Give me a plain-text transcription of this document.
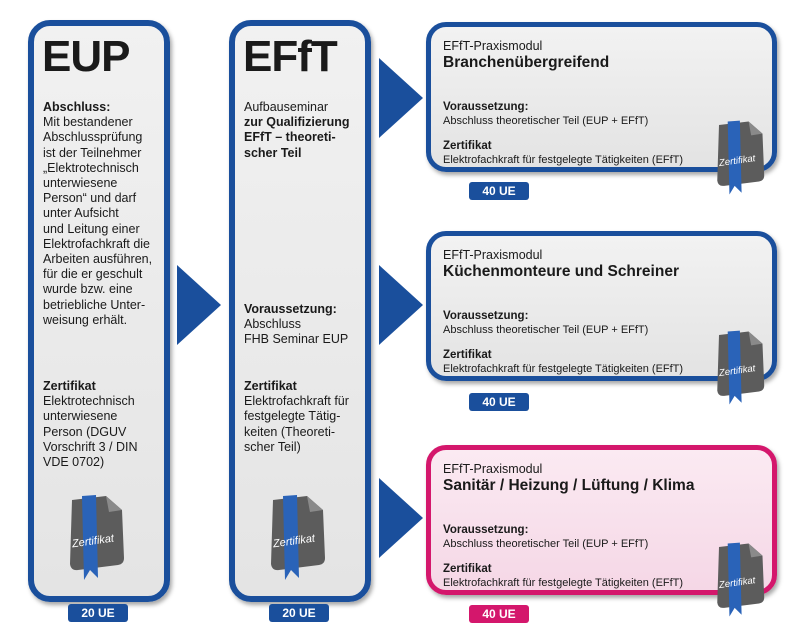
EUP
Abschluss:
Mit bestandener
Abschlussprüfung
ist der Teilnehmer
„Elektrotechnisch
unterwiesene
Person“ und darf
unter Aufsicht
und Leitung einer
Elektrofachkraft die
Arbeiten ausführen,
für die er geschult
wurde bzw. eine
betriebliche Unter-
weisung erhält.
Zertifikat
Elektrotechnisch
unterwiesene
Person (DGUV
Vorschrift 3 / DIN
VDE 0702)
Zertifikat
20 UE
EFfT
Aufbauseminar
zur Qualifizierung
EFfT – theoreti-
scher Teil
Voraussetzung:
Abschluss
FHB Seminar EUP
Zertifikat
Elektrofachkraft für
festgelegte Tätig-
keiten (Theoreti-
scher Teil)
Zertifikat
20 UE
EFfT-Praxismodul
Branchenübergreifend
Voraussetzung:
Abschluss theoretischer Teil (EUP + EFfT)
Zertifikat
Elektrofachkraft für festgelegte Tätigkeiten (EFfT)	Zertifikat
40 UE
EFfT-Praxismodul
Küchenmonteure und Schreiner
Voraussetzung:
Abschluss theoretischer Teil (EUP + EFfT)
Zertifikat
Elektrofachkraft für festgelegte Tätigkeiten (EFfT)	Zertifikat
40 UE
EFfT-Praxismodul
Sanitär / Heizung / Lüftung / Klima
Voraussetzung:
Abschluss theoretischer Teil (EUP + EFfT)
Zertifikat
Elektrofachkraft für festgelegte Tätigkeiten (EFfT)	Zertifikat
40 UE
